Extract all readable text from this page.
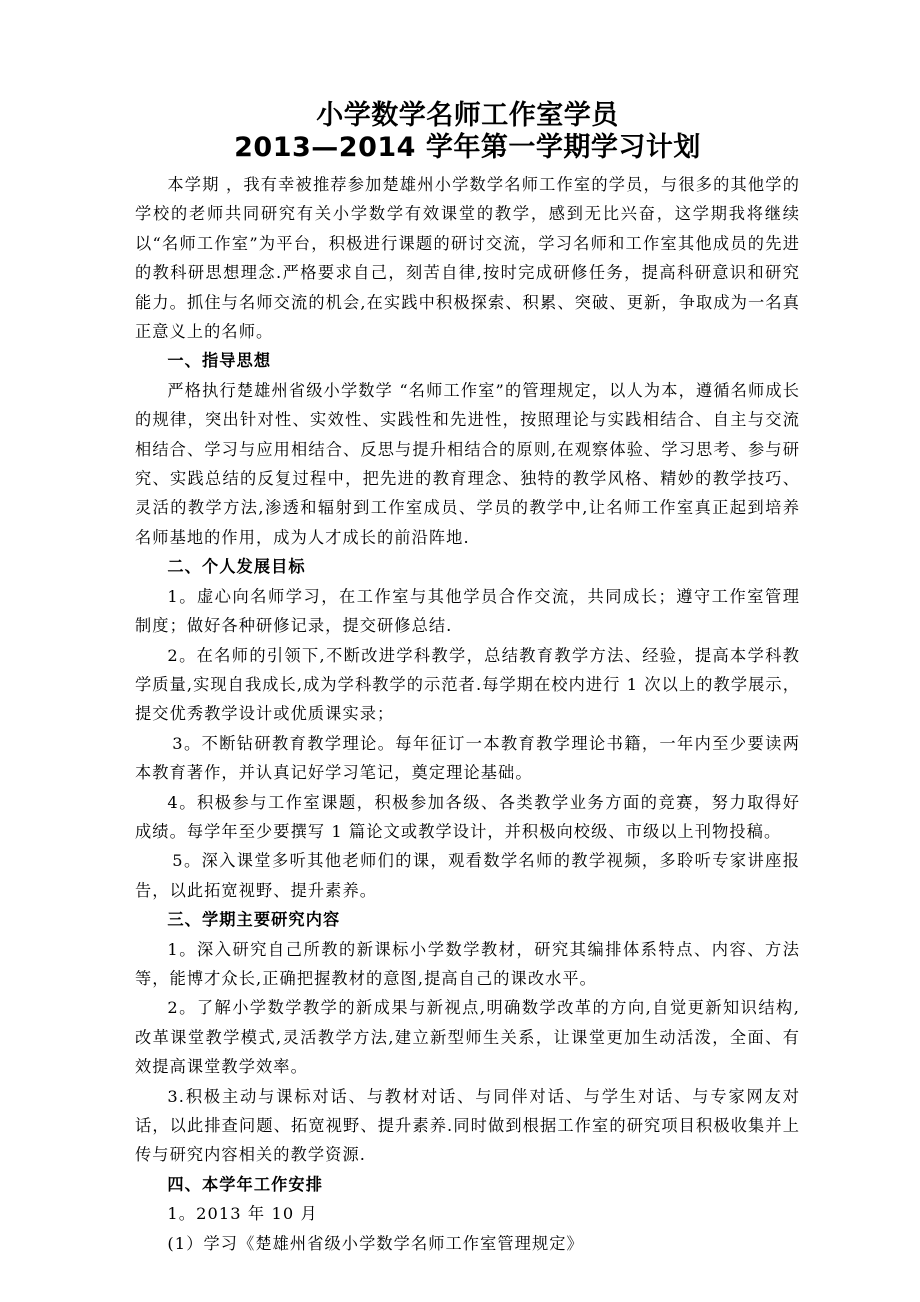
小学数学名师工作室学员

2013—2014 学年第一学期学习计划

本学期 ，我有幸被推荐参加楚雄州小学数学名师工作室的学员，与很多的其他学的学校的老师共同研究有关小学数学有效课堂的教学，感到无比兴奋，这学期我将继续以“名师工作室”为平台，积极进行课题的研讨交流，学习名师和工作室其他成员的先进的教科研思想理念.严格要求自己，刻苦自律,按时完成研修任务，提高科研意识和研究能力。抓住与名师交流的机会,在实践中积极探索、积累、突破、更新，争取成为一名真正意义上的名师。

一、指导思想

严格执行楚雄州省级小学数学 “名师工作室”的管理规定，以人为本，遵循名师成长的规律，突出针对性、实效性、实践性和先进性，按照理论与实践相结合、自主与交流相结合、学习与应用相结合、反思与提升相结合的原则,在观察体验、学习思考、参与研究、实践总结的反复过程中，把先进的教育理念、独特的教学风格、精妙的教学技巧、灵活的教学方法,渗透和辐射到工作室成员、学员的教学中,让名师工作室真正起到培养名师基地的作用，成为人才成长的前沿阵地.

二、个人发展目标

1。虚心向名师学习，在工作室与其他学员合作交流，共同成长；遵守工作室管理制度；做好各种研修记录，提交研修总结.

2。在名师的引领下,不断改进学科教学，总结教育教学方法、经验，提高本学科教学质量,实现自我成长,成为学科教学的示范者.每学期在校内进行 1 次以上的教学展示，提交优秀教学设计或优质课实录；

3。不断钻研教育教学理论。每年征订一本教育教学理论书籍，一年内至少要读两本教育著作，并认真记好学习笔记，奠定理论基础。

4。积极参与工作室课题，积极参加各级、各类教学业务方面的竞赛，努力取得好成绩。每学年至少要撰写 1 篇论文或教学设计，并积极向校级、市级以上刊物投稿。

5。深入课堂多听其他老师们的课，观看数学名师的教学视频，多聆听专家讲座报告，以此拓宽视野、提升素养。

三、学期主要研究内容

1。深入研究自己所教的新课标小学数学教材，研究其编排体系特点、内容、方法等，能博才众长,正确把握教材的意图,提高自己的课改水平。

2。了解小学数学教学的新成果与新视点,明确数学改革的方向,自觉更新知识结构,改革课堂教学模式,灵活教学方法,建立新型师生关系，让课堂更加生动活泼，全面、有效提高课堂教学效率。

3.积极主动与课标对话、与教材对话、与同伴对话、与学生对话、与专家网友对话，以此排查问题、拓宽视野、提升素养.同时做到根据工作室的研究项目积极收集并上传与研究内容相关的教学资源.

四、本学年工作安排

1。2013 年 10 月

(1）学习《楚雄州省级小学数学名师工作室管理规定》
